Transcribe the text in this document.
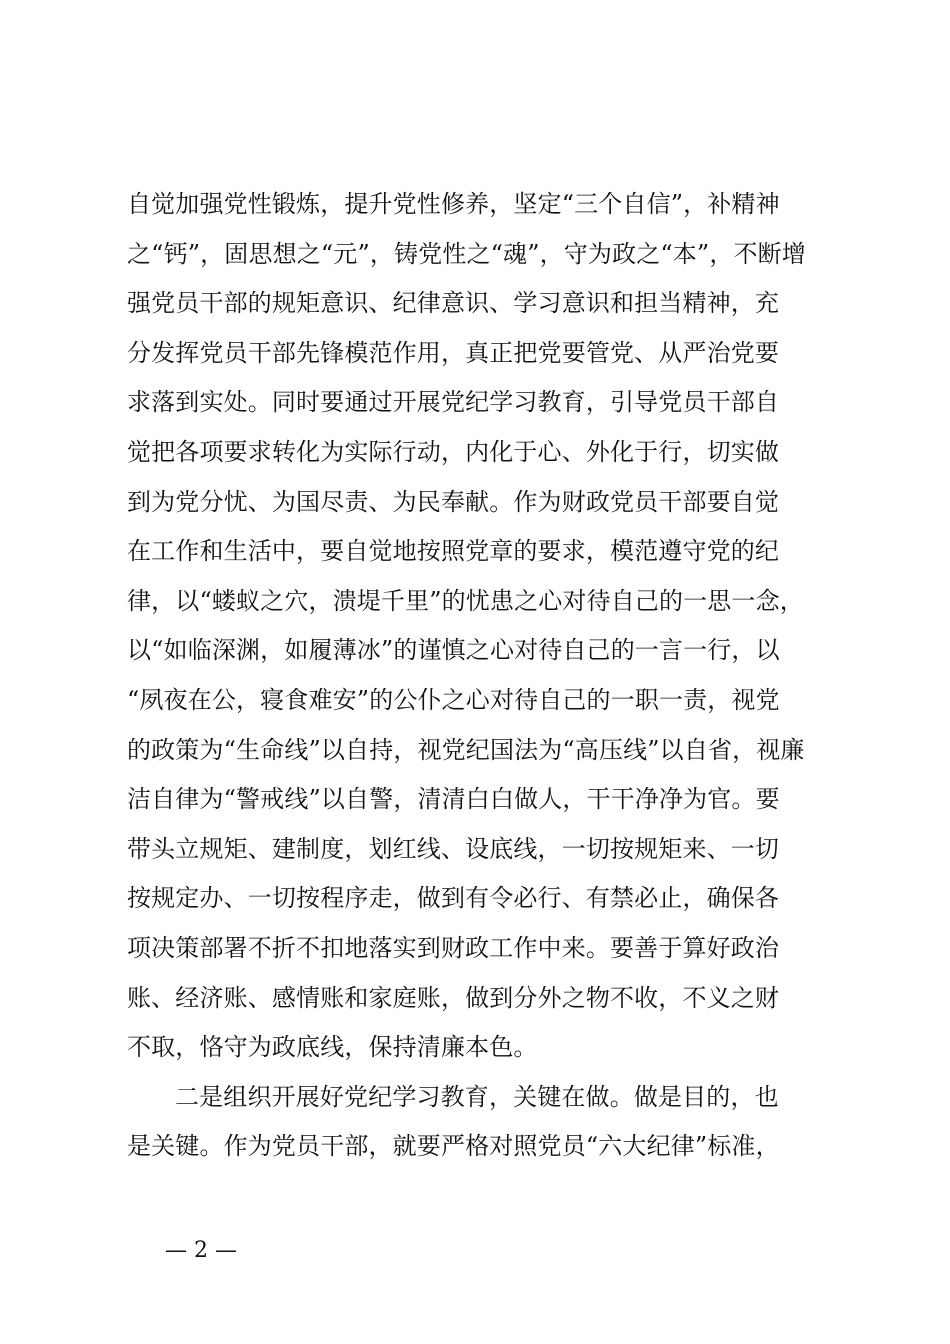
自觉加强党性锻炼，提升党性修养，坚定“三个自信”，补精神
之“钙”，固思想之“元”，铸党性之“魂”，守为政之“本”，不断增
强党员干部的规矩意识、纪律意识、学习意识和担当精神，充
分发挥党员干部先锋模范作用，真正把党要管党、从严治党要
求落到实处。同时要通过开展党纪学习教育，引导党员干部自
觉把各项要求转化为实际行动，内化于心、外化于行，切实做
到为党分忧、为国尽责、为民奉献。作为财政党员干部要自觉
在工作和生活中，要自觉地按照党章的要求，模范遵守党的纪
律，以“蝼蚁之穴，溃堤千里”的忧患之心对待自己的一思一念，
以“如临深渊，如履薄冰”的谨慎之心对待自己的一言一行，以
“夙夜在公，寝食难安”的公仆之心对待自己的一职一责，视党
的政策为“生命线”以自持，视党纪国法为“高压线”以自省，视廉
洁自律为“警戒线”以自警，清清白白做人，干干净净为官。要
带头立规矩、建制度，划红线、设底线，一切按规矩来、一切
按规定办、一切按程序走，做到有令必行、有禁必止，确保各
项决策部署不折不扣地落实到财政工作中来。要善于算好政治
账、经济账、感情账和家庭账，做到分外之物不收，不义之财
不取，恪守为政底线，保持清廉本色。
二是组织开展好党纪学习教育，关键在做。做是目的，也
是关键。作为党员干部，就要严格对照党员“六大纪律”标准，
— 2 —
